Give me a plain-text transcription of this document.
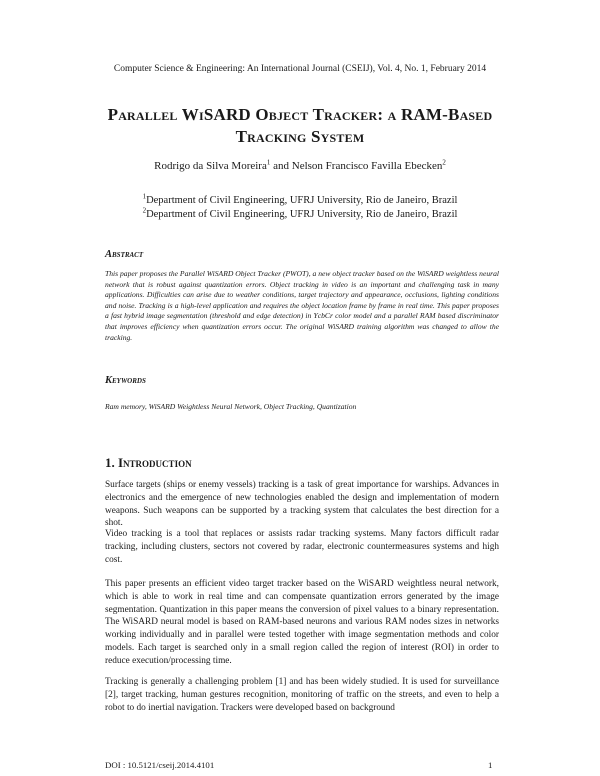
Computer Science & Engineering: An International Journal (CSEIJ), Vol. 4, No. 1, February 2014
Parallel WiSARD Object Tracker: a RAM-Based Tracking System
Rodrigo da Silva Moreira$^1$ and Nelson Francisco Favilla Ebecken$^2$
$^1$Department of Civil Engineering, UFRJ University, Rio de Janeiro, Brazil
$^2$Department of Civil Engineering, UFRJ University, Rio de Janeiro, Brazil
Abstract
This paper proposes the Parallel WiSARD Object Tracker (PWOT), a new object tracker based on the WiSARD weightless neural network that is robust against quantization errors. Object tracking in video is an important and challenging task in many applications. Difficulties can arise due to weather conditions, target trajectory and appearance, occlusions, lighting conditions and noise. Tracking is a high-level application and requires the object location frame by frame in real time. This paper proposes a fast hybrid image segmentation (threshold and edge detection) in YcbCr color model and a parallel RAM based discriminator that improves efficiency when quantization errors occur. The original WiSARD training algorithm was changed to allow the tracking.
Keywords
Ram memory, WiSARD Weightless Neural Network, Object Tracking, Quantization
1. Introduction
Surface targets (ships or enemy vessels) tracking is a task of great importance for warships. Advances in electronics and the emergence of new technologies enabled the design and implementation of modern weapons. Such weapons can be supported by a tracking system that calculates the best direction for a shot.
Video tracking is a tool that replaces or assists radar tracking systems. Many factors difficult radar tracking, including clusters, sectors not covered by radar, electronic countermeasures systems and high cost.
This paper presents an efficient video target tracker based on the WiSARD weightless neural network, which is able to work in real time and can compensate quantization errors generated by the image segmentation. Quantization in this paper means the conversion of pixel values to a binary representation. The WiSARD neural model is based on RAM-based neurons and various RAM nodes sizes in networks working individually and in parallel were tested together with image segmentation methods and color models. Each target is searched only in a small region called the region of interest (ROI) in order to reduce execution/processing time.
Tracking is generally a challenging problem [1] and has been widely studied. It is used for surveillance [2], target tracking, human gestures recognition, monitoring of traffic on the streets, and even to help a robot to do inertial navigation. Trackers were developed based on background
DOI : 10.5121/cseij.2014.4101	1
